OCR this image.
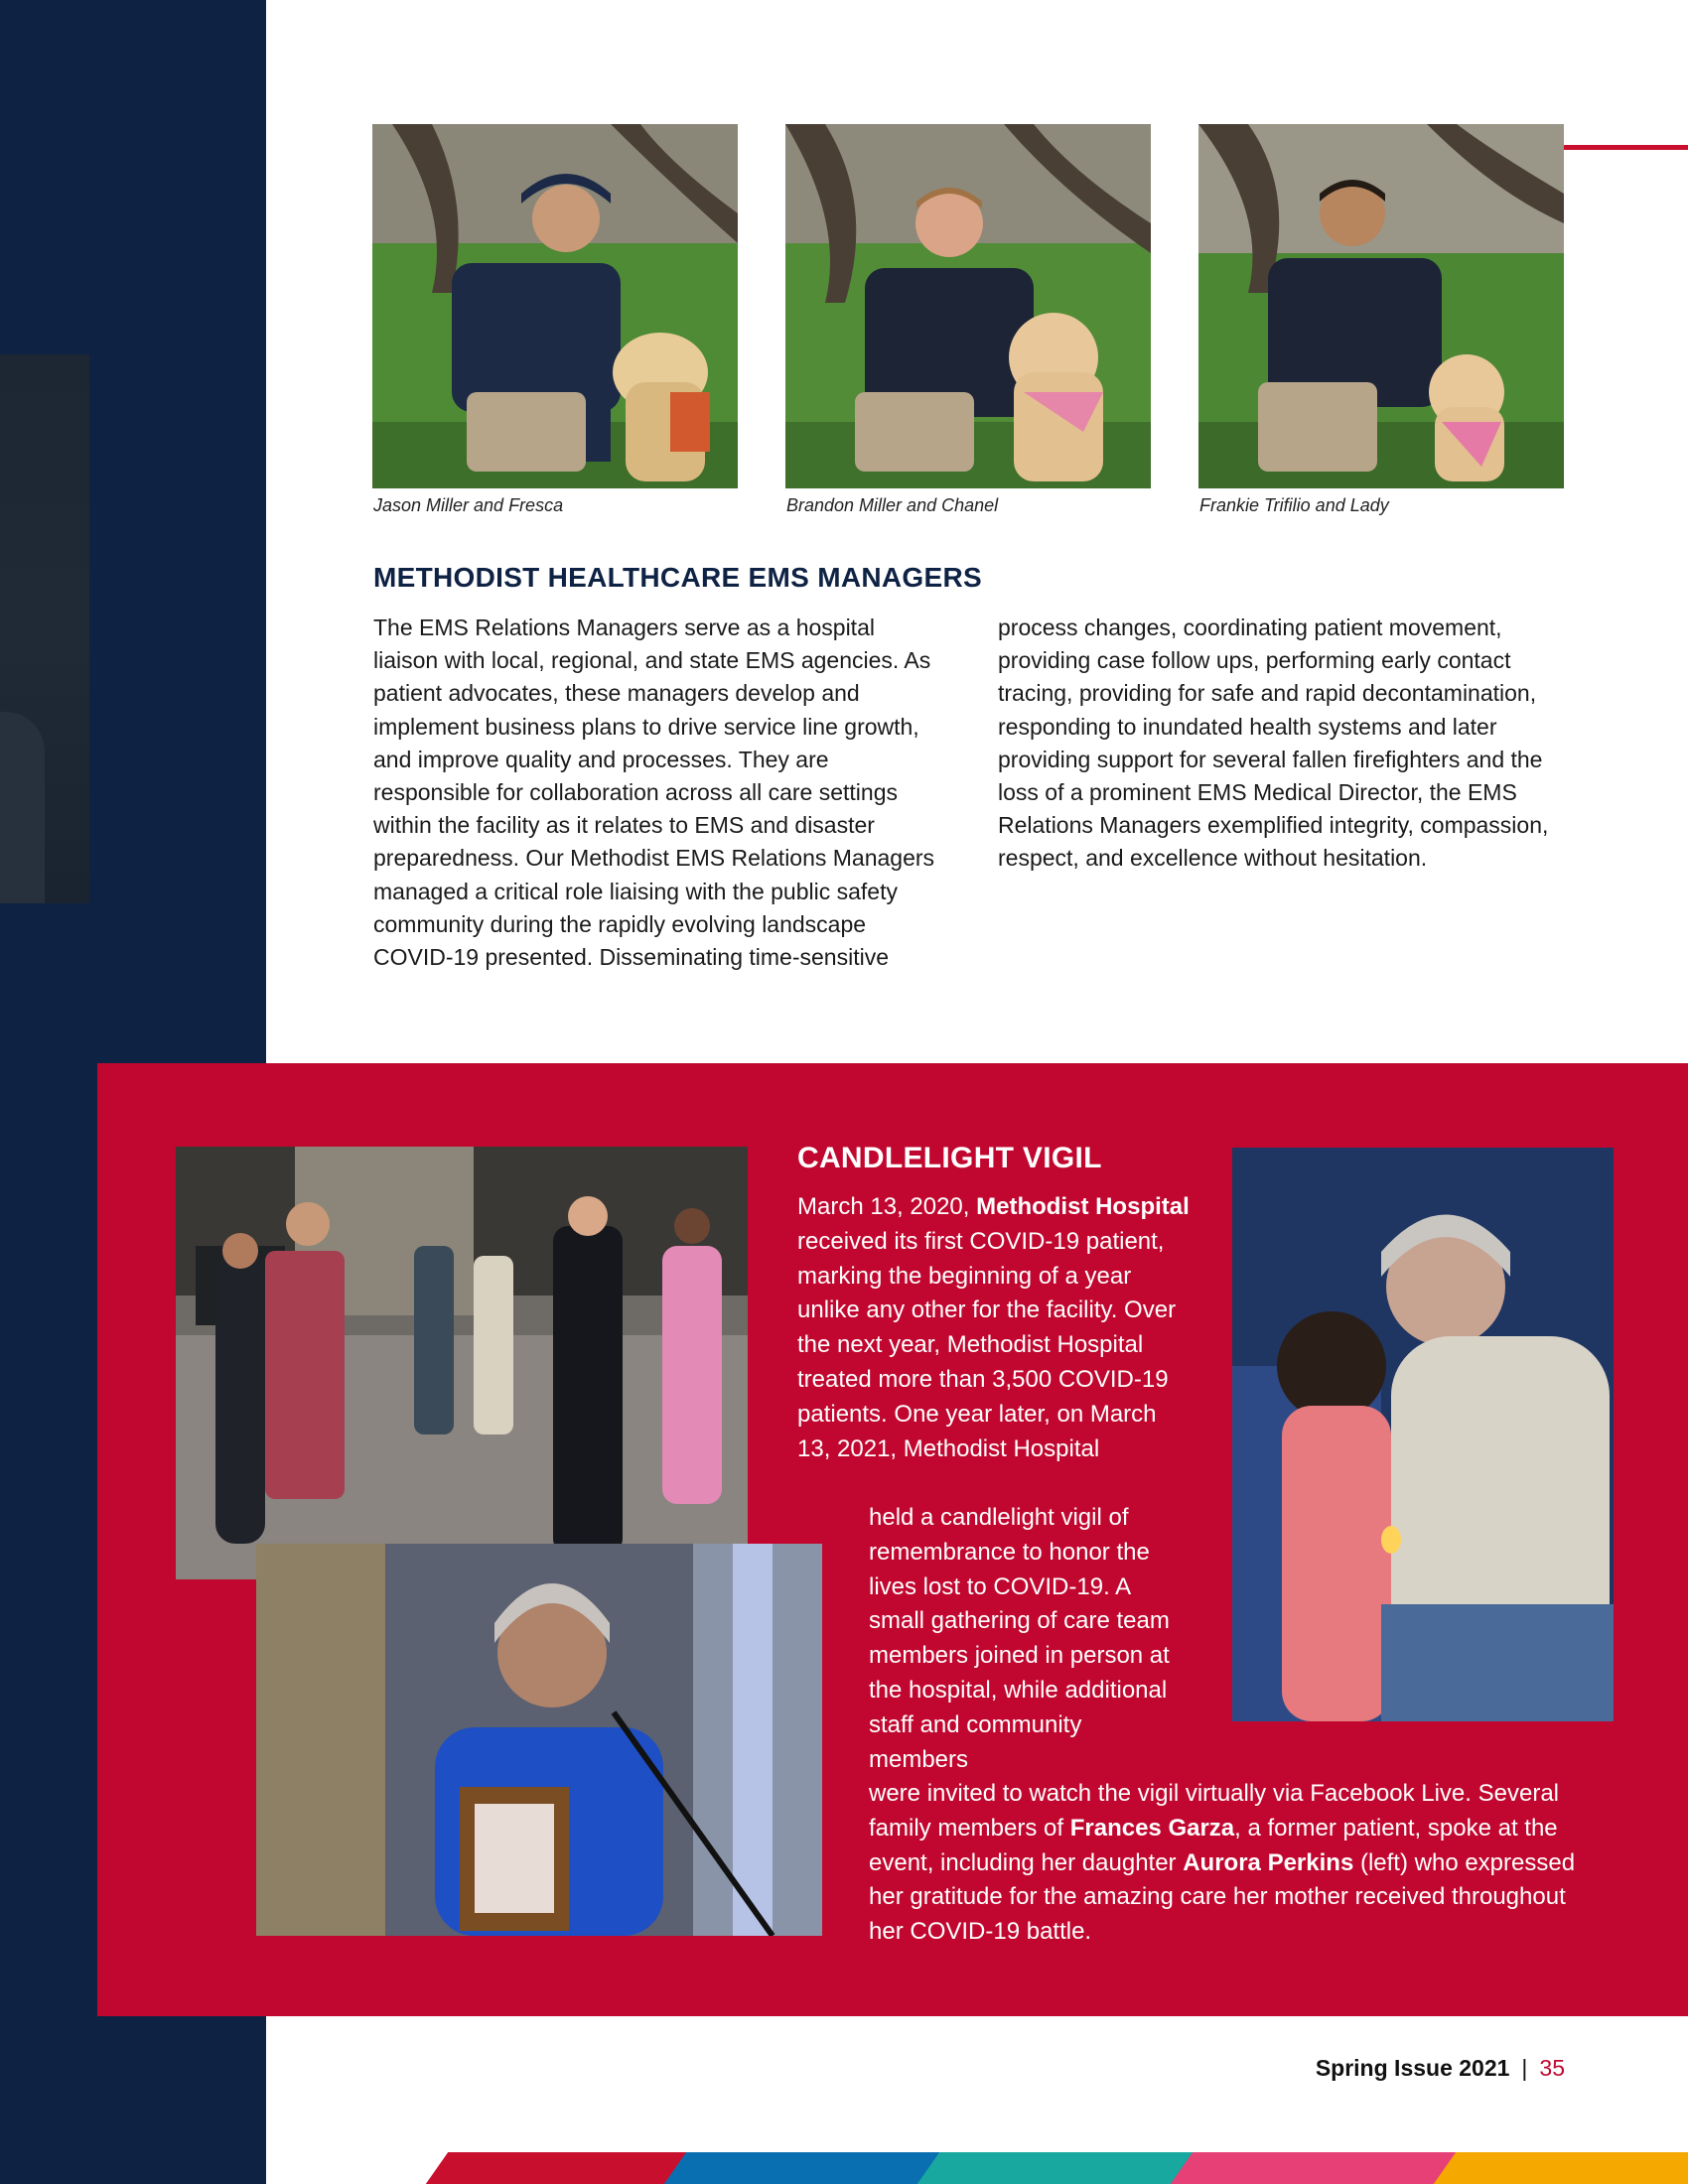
Jason Miller and Fresca	Brandon Miller and Chanel	Frankie Trifilio and Lady
METHODIST HEALTHCARE EMS MANAGERS

The EMS Relations Managers serve as a hospital liaison with local, regional, and state EMS agencies. As patient advocates, these managers develop and implement business plans to drive service line growth, and improve quality and processes. They are responsible for collaboration across all care settings within the facility as it relates to EMS and disaster preparedness. Our Methodist EMS Relations Managers managed a critical role liaising with the public safety community during the rapidly evolving landscape COVID-19 presented. Disseminating time-sensitive process changes, coordinating patient movement, providing case follow ups, performing early contact tracing, providing for safe and rapid decontamination, responding to inundated health systems and later providing support for several fallen firefighters and the loss of a prominent EMS Medical Director, the EMS Relations Managers exemplified integrity, compassion, respect, and excellence without hesitation.

CANDLELIGHT VIGIL

March 13, 2020, Methodist Hospital received its first COVID-19 patient, marking the beginning of a year unlike any other for the facility. Over the next year, Methodist Hospital treated more than 3,500 COVID-19 patients. One year later, on March 13, 2021, Methodist Hospital

held a candlelight vigil of remembrance to honor the lives lost to COVID-19. A small gathering of care team members joined in person at the hospital, while additional staff and community members

were invited to watch the vigil virtually via Facebook Live. Several family members of Frances Garza, a former patient, spoke at the event, including her daughter Aurora Perkins (left) who expressed her gratitude for the amazing care her mother received throughout her COVID-19 battle.

Spring Issue 2021 | 35
